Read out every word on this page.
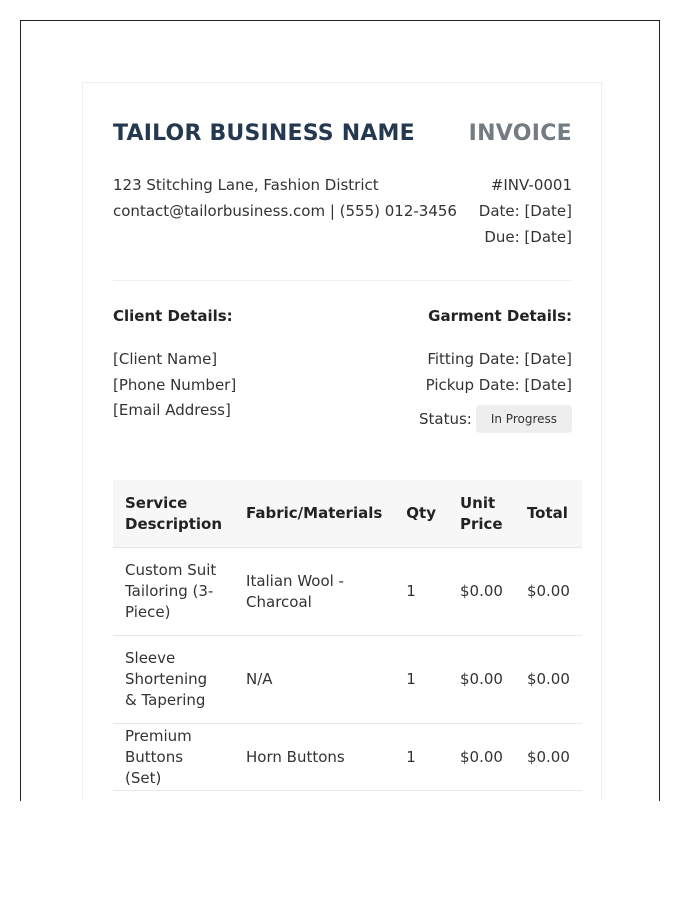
TAILOR BUSINESS NAME INVOICE
123 Stitching Lane, Fashion District
contact@tailorbusiness.com | (555) 012-3456
#INV-0001
Date: [Date]
Due: [Date]
Client Details:	Garment Details:
[Client Name]
[Phone Number]
[Email Address]
Fitting Date: [Date]
Pickup Date: [Date]
Status:	In Progress
Service Description	Fabric/Materials	Qty	Unit Price	Total
Custom Suit Tailoring (3-Piece)	Italian Wool - Charcoal	1	$0.00	$0.00
Sleeve Shortening & Tapering	N/A	1	$0.00	$0.00
Premium Buttons (Set)	Horn Buttons	1	$0.00	$0.00
